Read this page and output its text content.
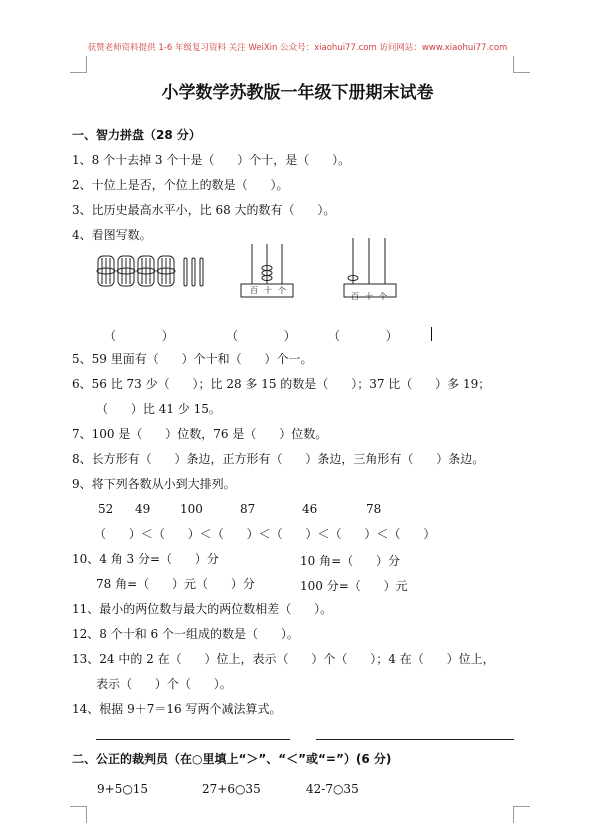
获赞老师资料提供 1-6 年级复习资料 关注 WeiXin 公众号：xiaohui77.com 访问网站：www.xiaohui77.com
小学数学苏教版一年级下册期末试卷
一、智力拼盘（28 分）
1、8 个十去掉 3 个十是（      ）个十，是（      ）。
2、十位上是否，个位上的数是（      ）。
3、比历史最高水平小，比 68 大的数有（      ）。
4、看图写数。
百 十 个
百 十 个
（            ）	（            ）	（            ）
5、59 里面有（      ）个十和（      ）个一。
6、56 比 73 少（      ）；比 28 多 15 的数是（      ）；37 比（      ）多 19；
（      ）比 41 少 15。
7、100 是（      ）位数，76 是（      ）位数。
8、长方形有（      ）条边，正方形有（      ）条边，三角形有（      ）条边。
9、将下列各数从小到大排列。
52 49 100	87	46	78
（      ）＜（      ）＜（      ）＜（      ）＜（      ）＜（      ）
10、4 角 3 分=（      ）分	10 角=（      ）分
78 角=（      ）元（      ）分	100 分=（      ）元
11、最小的两位数与最大的两位数相差（      ）。
12、8 个十和 6 个一组成的数是（      ）。
13、24 中的 2 在（      ）位上，表示（      ）个（      ）；4 在（      ）位上，
表示（      ）个（      ）。
14、根据 9＋7＝16 写两个减法算式。
二、公正的裁判员（在○里填上“＞”、“＜”或“=”）(6 分)
9+5○15	27+6○35	42-7○35
